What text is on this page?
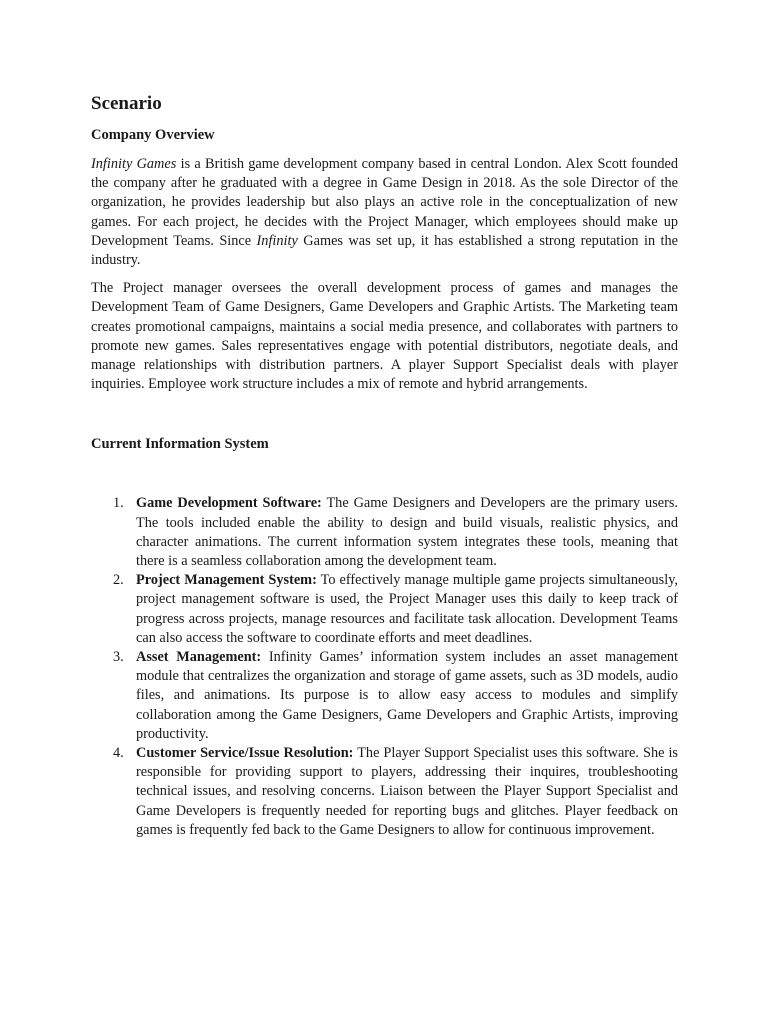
Scenario
Company Overview

Infinity Games is a British game development company based in central London. Alex Scott founded the company after he graduated with a degree in Game Design in 2018. As the sole Director of the organization, he provides leadership but also plays an active role in the conceptualization of new games. For each project, he decides with the Project Manager, which employees should make up Development Teams. Since Infinity Games was set up, it has established a strong reputation in the industry.

The Project manager oversees the overall development process of games and manages the Development Team of Game Designers, Game Developers and Graphic Artists. The Marketing team creates promotional campaigns, maintains a social media presence, and collaborates with partners to promote new games. Sales representatives engage with potential distributors, negotiate deals, and manage relationships with distribution partners. A player Support Specialist deals with player inquiries. Employee work structure includes a mix of remote and hybrid arrangements.

Current Information System
1. Game Development Software: The Game Designers and Developers are the primary users. The tools included enable the ability to design and build visuals, realistic physics, and character animations. The current information system integrates these tools, meaning that there is a seamless collaboration among the development team.
2. Project Management System: To effectively manage multiple game projects simultaneously, project management software is used, the Project Manager uses this daily to keep track of progress across projects, manage resources and facilitate task allocation. Development Teams can also access the software to coordinate efforts and meet deadlines.
3. Asset Management: Infinity Games’ information system includes an asset management module that centralizes the organization and storage of game assets, such as 3D models, audio files, and animations. Its purpose is to allow easy access to modules and simplify collaboration among the Game Designers, Game Developers and Graphic Artists, improving productivity.
4. Customer Service/Issue Resolution: The Player Support Specialist uses this software. She is responsible for providing support to players, addressing their inquires, troubleshooting technical issues, and resolving concerns. Liaison between the Player Support Specialist and Game Developers is frequently needed for reporting bugs and glitches. Player feedback on games is frequently fed back to the Game Designers to allow for continuous improvement.
